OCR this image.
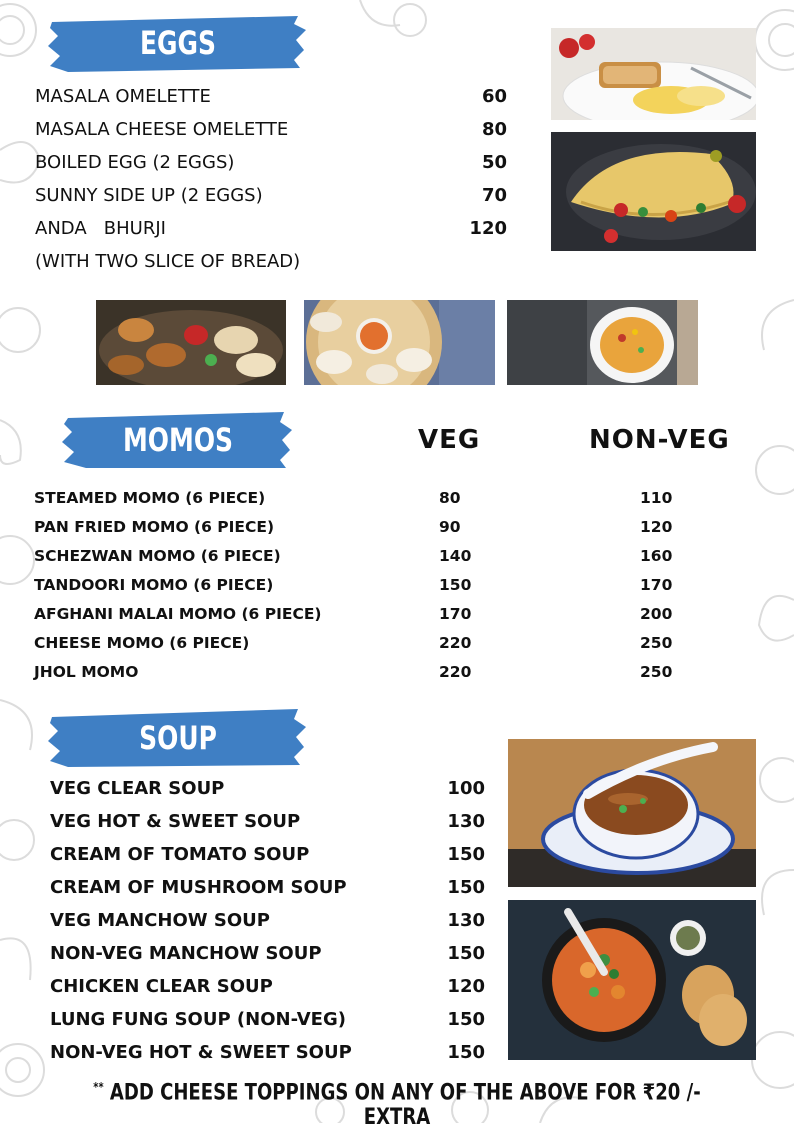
EGGS
MASALA OMELETTE	60
MASALA CHEESE OMELETTE	80
BOILED EGG (2 EGGS)	50
SUNNY SIDE UP (2 EGGS)	70
ANDA   BHURJI	120
(WITH TWO SLICE OF BREAD)
MOMOS	VEG	NON-VEG
STEAMED MOMO (6 PIECE)	80	110
PAN FRIED MOMO (6 PIECE)	90	120
SCHEZWAN MOMO (6 PIECE)	140	160
TANDOORI MOMO (6 PIECE)	150	170
AFGHANI MALAI MOMO (6 PIECE)	170	200
CHEESE MOMO (6 PIECE)	220	250
JHOL MOMO	220	250
SOUP
VEG CLEAR SOUP	100
VEG HOT & SWEET SOUP	130
CREAM OF TOMATO SOUP	150
CREAM OF MUSHROOM SOUP	150
VEG MANCHOW SOUP	130
NON-VEG MANCHOW SOUP	150
CHICKEN CLEAR SOUP	120
LUNG FUNG SOUP (NON-VEG)	150
NON-VEG HOT & SWEET SOUP	150
** ADD CHEESE TOPPINGS ON ANY OF THE ABOVE FOR ₹20 /- EXTRA
